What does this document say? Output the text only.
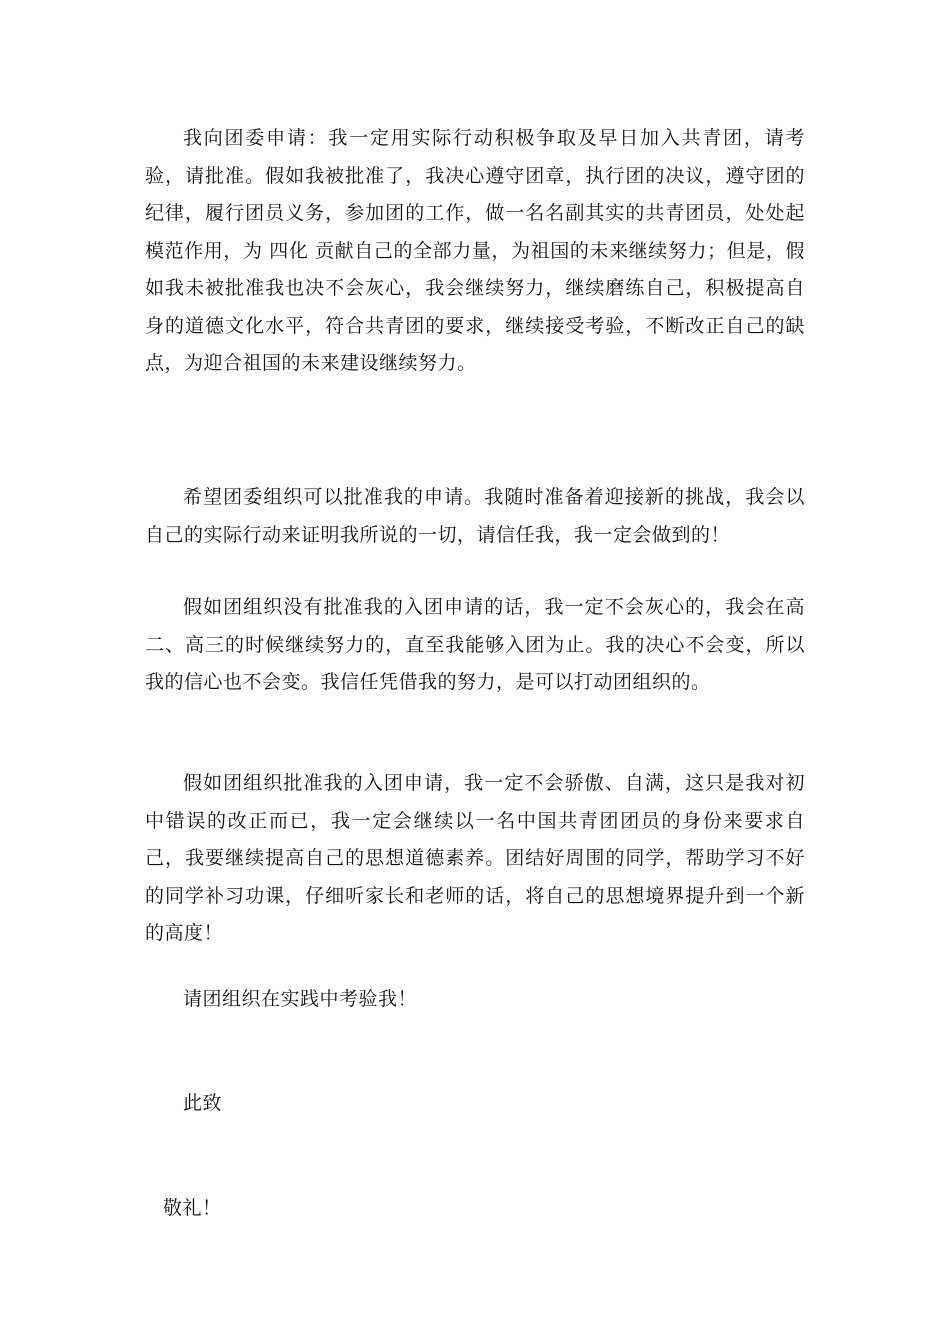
我向团委申请：我一定用实际行动积极争取及早日加入共青团，请考验，请批准。假如我被批准了，我决心遵守团章，执行团的决议，遵守团的纪律，履行团员义务，参加团的工作，做一名名副其实的共青团员，处处起模范作用，为 四化 贡献自己的全部力量，为祖国的未来继续努力；但是，假如我未被批准我也决不会灰心，我会继续努力，继续磨练自己，积极提高自身的道德文化水平，符合共青团的要求，继续接受考验，不断改正自己的缺点，为迎合祖国的未来建设继续努力。

希望团委组织可以批准我的申请。我随时准备着迎接新的挑战，我会以自己的实际行动来证明我所说的一切，请信任我，我一定会做到的！

假如团组织没有批准我的入团申请的话，我一定不会灰心的，我会在高二、高三的时候继续努力的，直至我能够入团为止。我的决心不会变，所以我的信心也不会变。我信任凭借我的努力，是可以打动团组织的。

假如团组织批准我的入团申请，我一定不会骄傲、自满，这只是我对初中错误的改正而已，我一定会继续以一名中国共青团团员的身份来要求自己，我要继续提高自己的思想道德素养。团结好周围的同学，帮助学习不好的同学补习功课，仔细听家长和老师的话，将自己的思想境界提升到一个新的高度！

请团组织在实践中考验我！

此致

敬礼！
